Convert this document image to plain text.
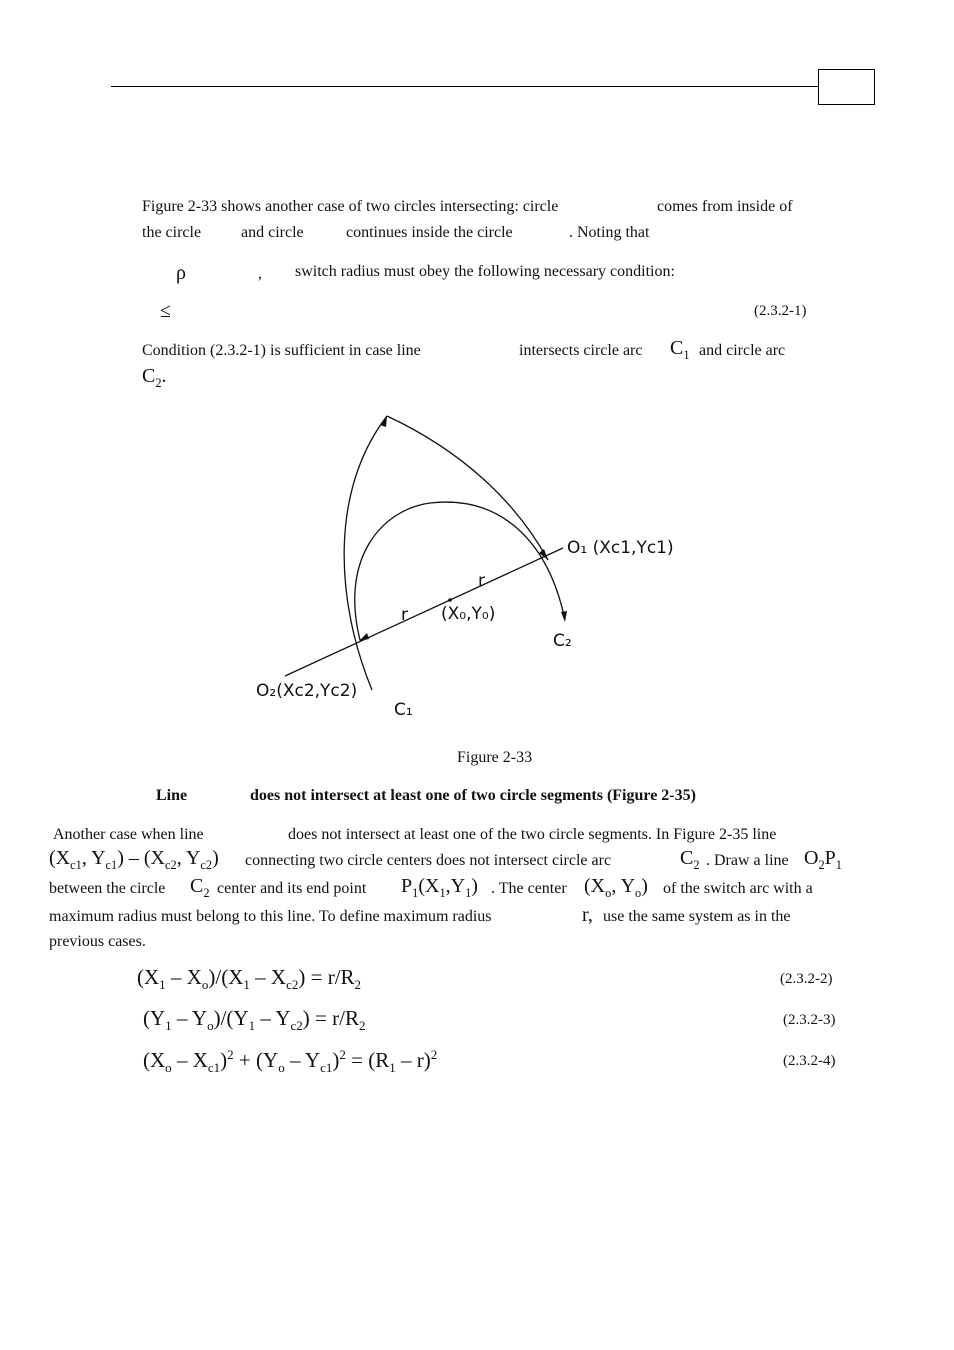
Figure 2-33 shows another case of two circles intersecting: circle	comes from inside of
the circle and circle	continues inside the circle	. Noting that
ρ	, switch radius must obey the following necessary condition:
≤	(2.3.2-1)
Condition (2.3.2-1) is sufficient in case line	intersects circle arc $C_1$ and circle arc
$C_2$.
O₁ (Xc1,Yc1)
O₂(Xc2,Yc2)
(X₀,Y₀)
r
r
C₂
C₁
Figure 2-33
Line	does not intersect at least one of two circle segments (Figure 2-35)
Another case when line	does not intersect at least one of the two circle segments. In Figure 2-35 line
($X_{c1}$, $Y_{c1}) - (X_{c2}$, $Y_{c2}$) connecting two circle centers does not intersect circle arc	$C_2$ . Draw a line $O_2P_1$
between the circle $C_2$ center and its end point $P_1(X_1,Y_1)$ . The center ($X_o$, $Y_o$) of the switch arc with a
maximum radius must belong to this line. To define maximum radius	r, use the same system as in the
previous cases.
$(X_1 - X_o)/(X_1 - X_{c2}) = r/R_2$	(2.3.2-2)
$(Y_1 - Y_o)/(Y_1 - Y_{c2}) = r/R_2$	(2.3.2-3)
$(X_o - X_{c1})^2 + (Y_o - Y_{c1})^2 = (R_1 - r)^2$	(2.3.2-4)
